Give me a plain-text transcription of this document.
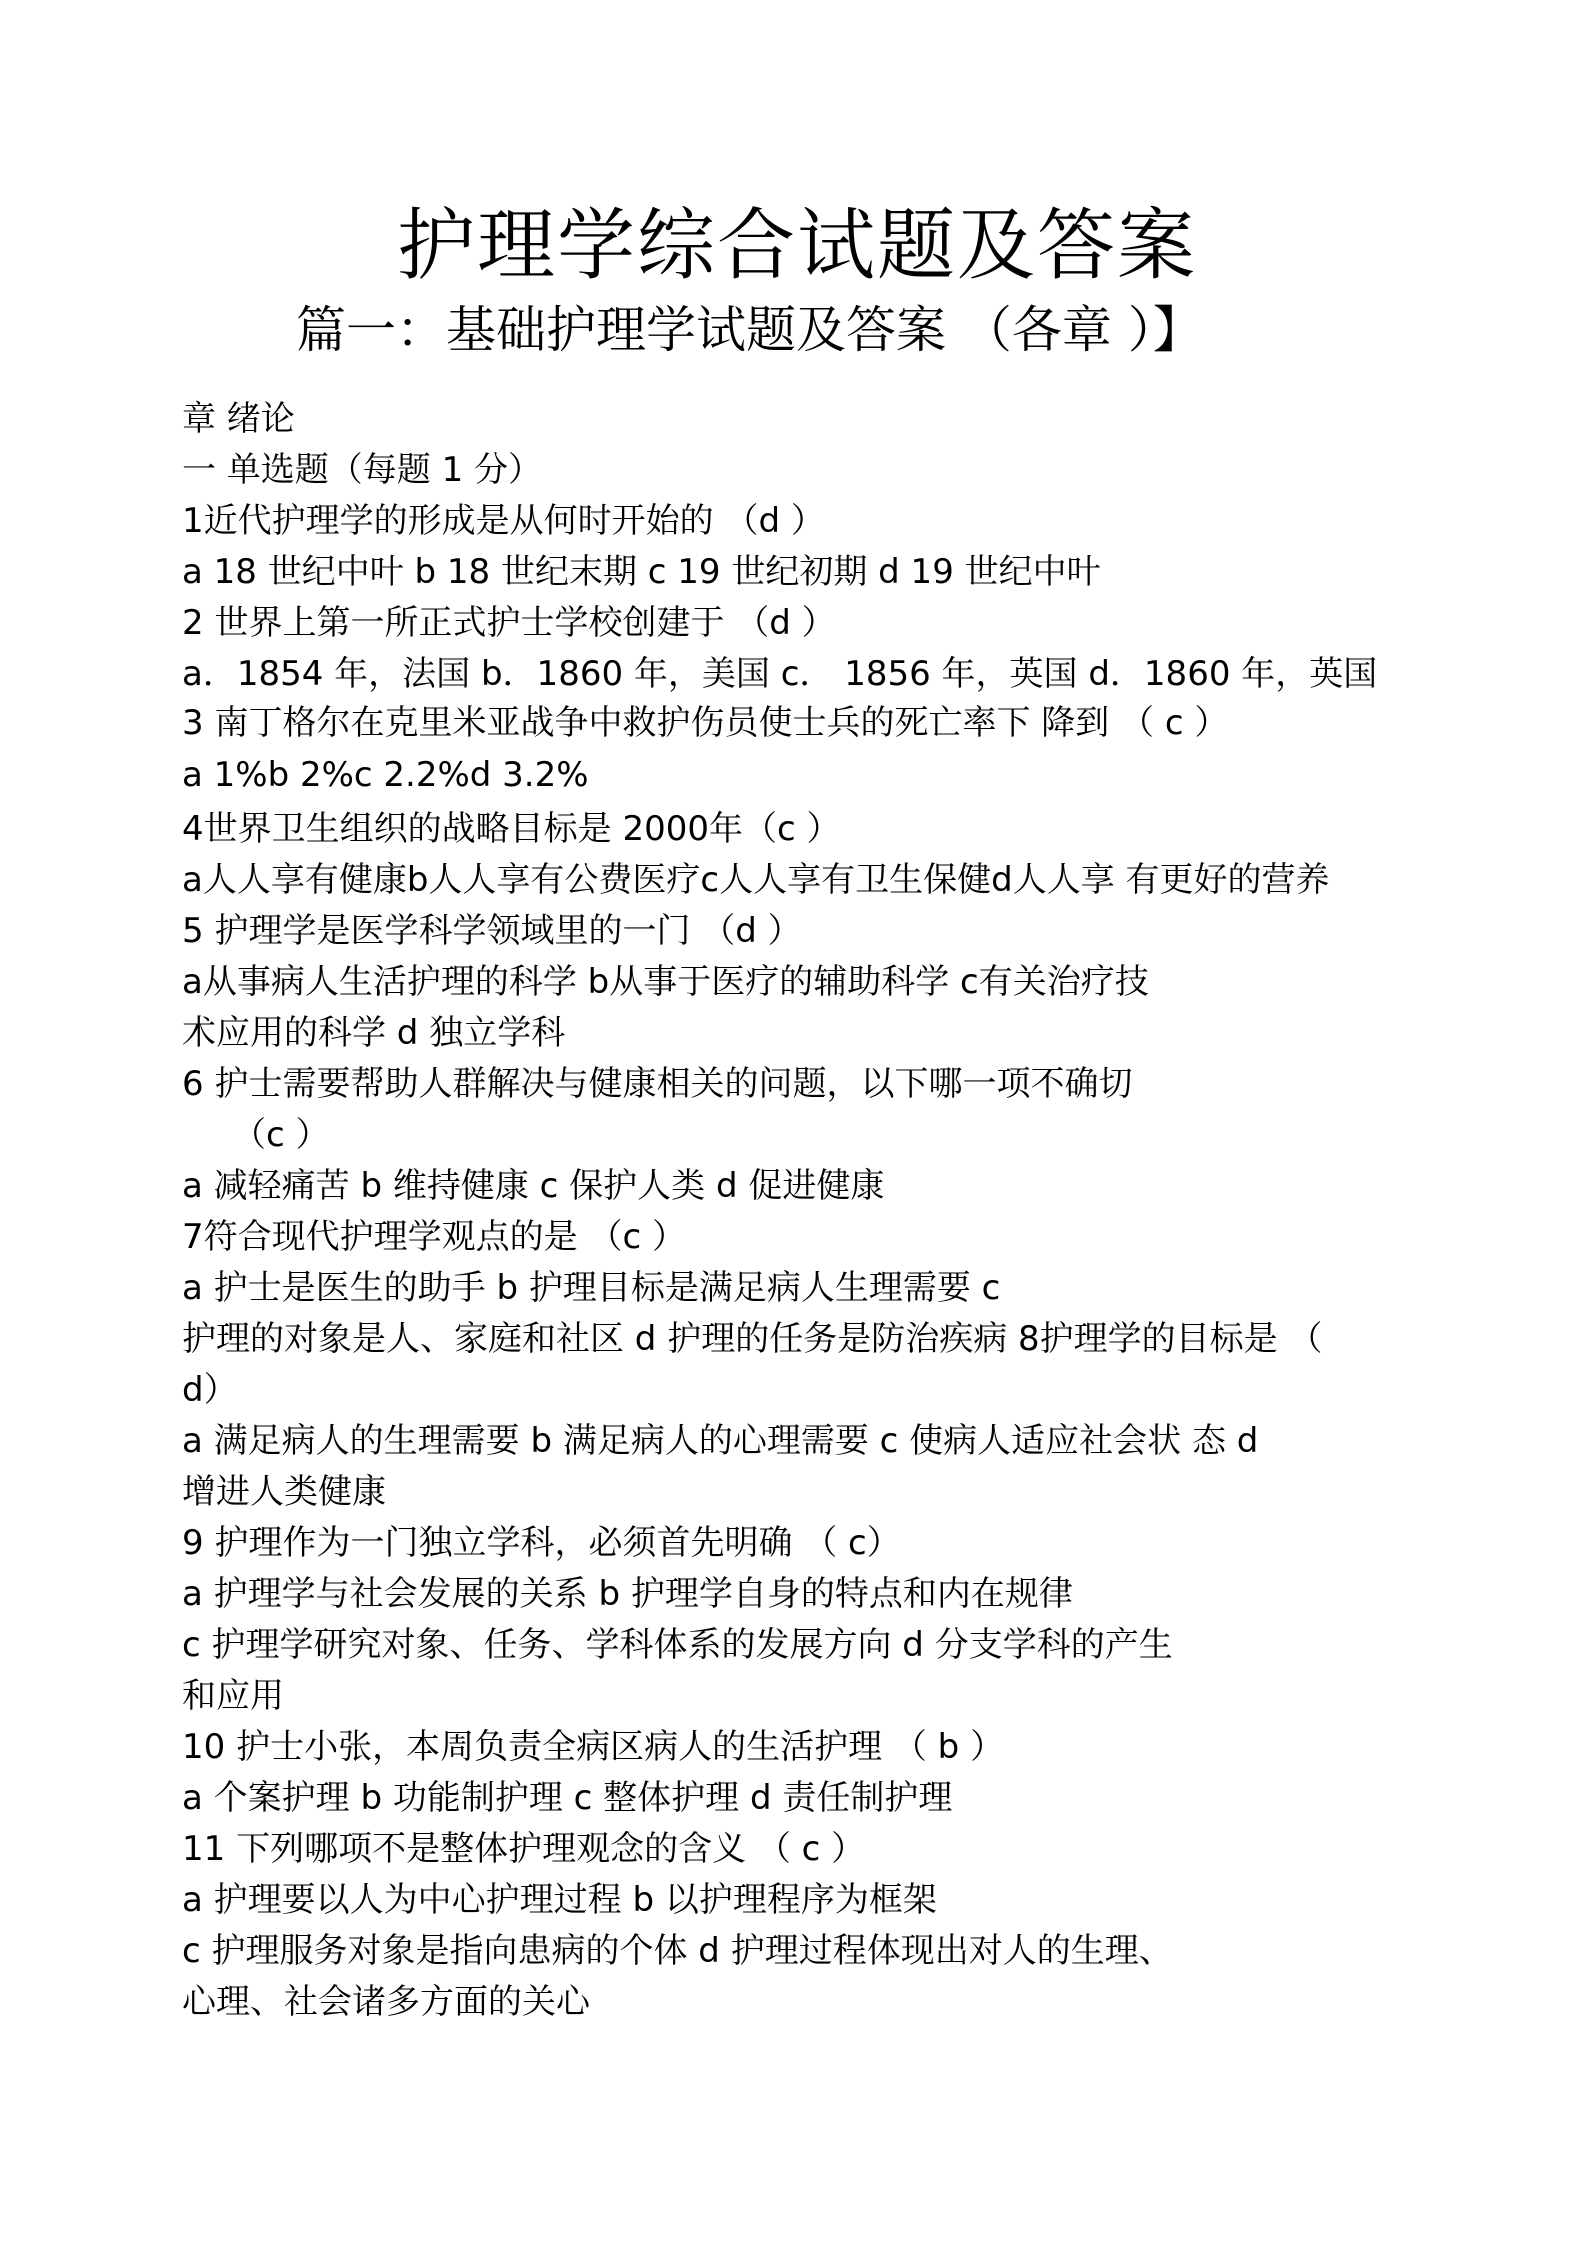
护理学综合试题及答案
篇一：基础护理学试题及答案 （各章 ）】
章 绪论
一 单选题（每题 1 分）
1近代护理学的形成是从何时开始的 （d ）
a 18 世纪中叶 b 18 世纪末期 c 19 世纪初期 d 19 世纪中叶
2 世界上第一所正式护士学校创建于 （d ）
a．1854 年，法国 b．1860 年，美国 c． 1856 年，英国 d．1860 年，英国
3 南丁格尔在克里米亚战争中救护伤员使士兵的死亡率下 降到 （ c ）
a 1%b 2%c 2.2%d 3.2%
4世界卫生组织的战略目标是 2000年（c ）
a人人享有健康b人人享有公费医疗c人人享有卫生保健d人人享 有更好的营养
5 护理学是医学科学领域里的一门 （d ）
a从事病人生活护理的科学 b从事于医疗的辅助科学 c有关治疗技
术应用的科学 d 独立学科
6 护士需要帮助人群解决与健康相关的问题，以下哪一项不确切
（c ）
a 减轻痛苦 b 维持健康 c 保护人类 d 促进健康
7符合现代护理学观点的是 （c ）
a 护士是医生的助手 b 护理目标是满足病人生理需要 c
护理的对象是人、家庭和社区 d 护理的任务是防治疾病 8护理学的目标是 （
d）
a 满足病人的生理需要 b 满足病人的心理需要 c 使病人适应社会状 态 d
增进人类健康
9 护理作为一门独立学科，必须首先明确 （ c）
a 护理学与社会发展的关系 b 护理学自身的特点和内在规律
c 护理学研究对象、任务、学科体系的发展方向 d 分支学科的产生
和应用
10 护士小张，本周负责全病区病人的生活护理 （ b ）
a 个案护理 b 功能制护理 c 整体护理 d 责任制护理
11 下列哪项不是整体护理观念的含义 （ c ）
a 护理要以人为中心护理过程 b 以护理程序为框架
c 护理服务对象是指向患病的个体 d 护理过程体现出对人的生理、
心理、社会诸多方面的关心
